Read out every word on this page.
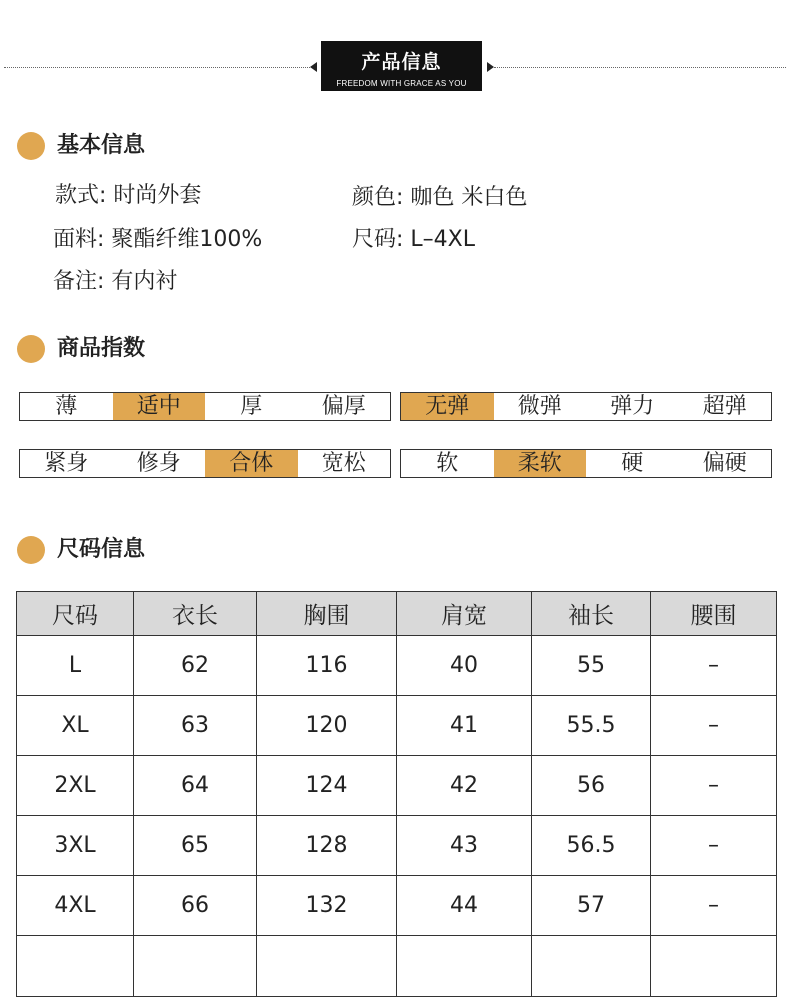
产品信息
FREEDOM WITH GRACE AS YOU
基本信息
款式: 时尚外套	颜色: 咖色 米白色
面料: 聚酯纤维100%	尺码: L–4XL
备注: 有内衬
商品指数
薄	适中	厚	偏厚	无弹	微弹	弹力	超弹
紧身	修身	合体	宽松	软	柔软	硬	偏硬
尺码信息
尺码	衣长	胸围	肩宽	袖长	腰围
L	62	116	40	55	–
XL	63	120	41	55.5	–
2XL	64	124	42	56	–
3XL	65	128	43	56.5	–
4XL	66	132	44	57	–
